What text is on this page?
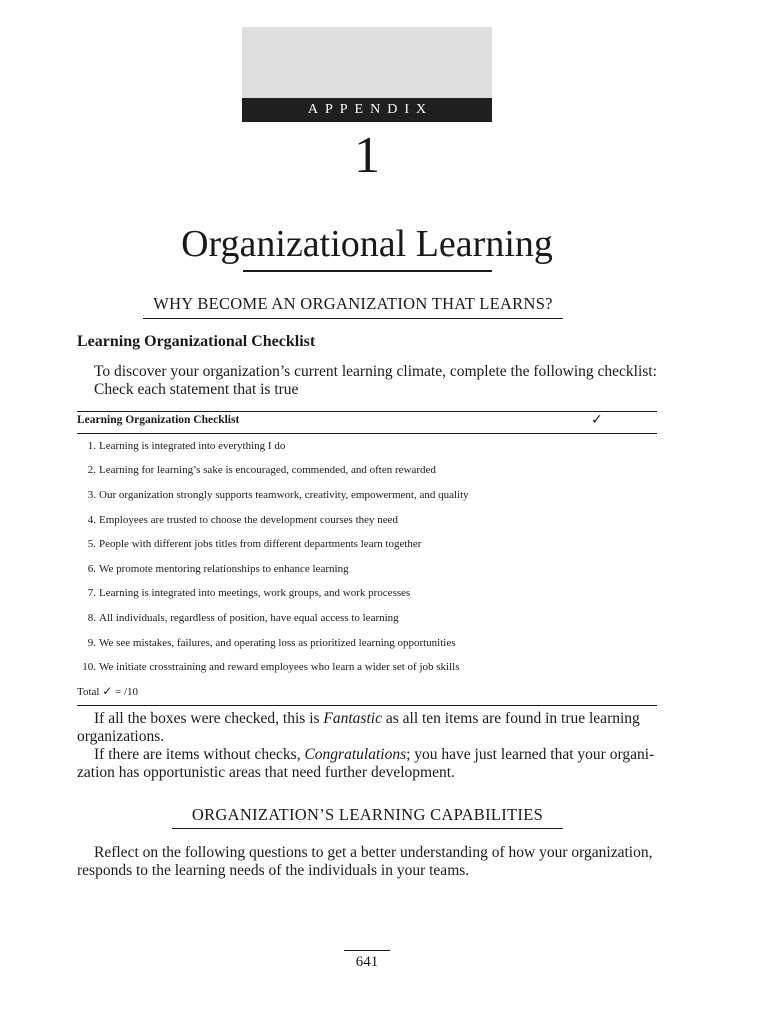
APPENDIX
1
Organizational Learning
WHY BECOME AN ORGANIZATION THAT LEARNS?
Learning Organizational Checklist
To discover your organization’s current learning climate, complete the following checklist:
Check each statement that is true
Learning Organization Checklist	✓
1. Learning is integrated into everything I do
2. Learning for learning’s sake is encouraged, commended, and often rewarded
3. Our organization strongly supports teamwork, creativity, empowerment, and quality
4. Employees are trusted to choose the development courses they need
5. People with different jobs titles from different departments learn together
6. We promote mentoring relationships to enhance learning
7. Learning is integrated into meetings, work groups, and work processes
8. All individuals, regardless of position, have equal access to learning
9. We see mistakes, failures, and operating loss as prioritized learning opportunities
10. We initiate crosstraining and reward employees who learn a wider set of job skills
Total ✓ = /10
If all the boxes were checked, this is Fantastic as all ten items are found in true learning
organizations.
If there are items without checks, Congratulations; you have just learned that your organi-
zation has opportunistic areas that need further development.
ORGANIZATION’S LEARNING CAPABILITIES
Reflect on the following questions to get a better understanding of how your organization,
responds to the learning needs of the individuals in your teams.
641
